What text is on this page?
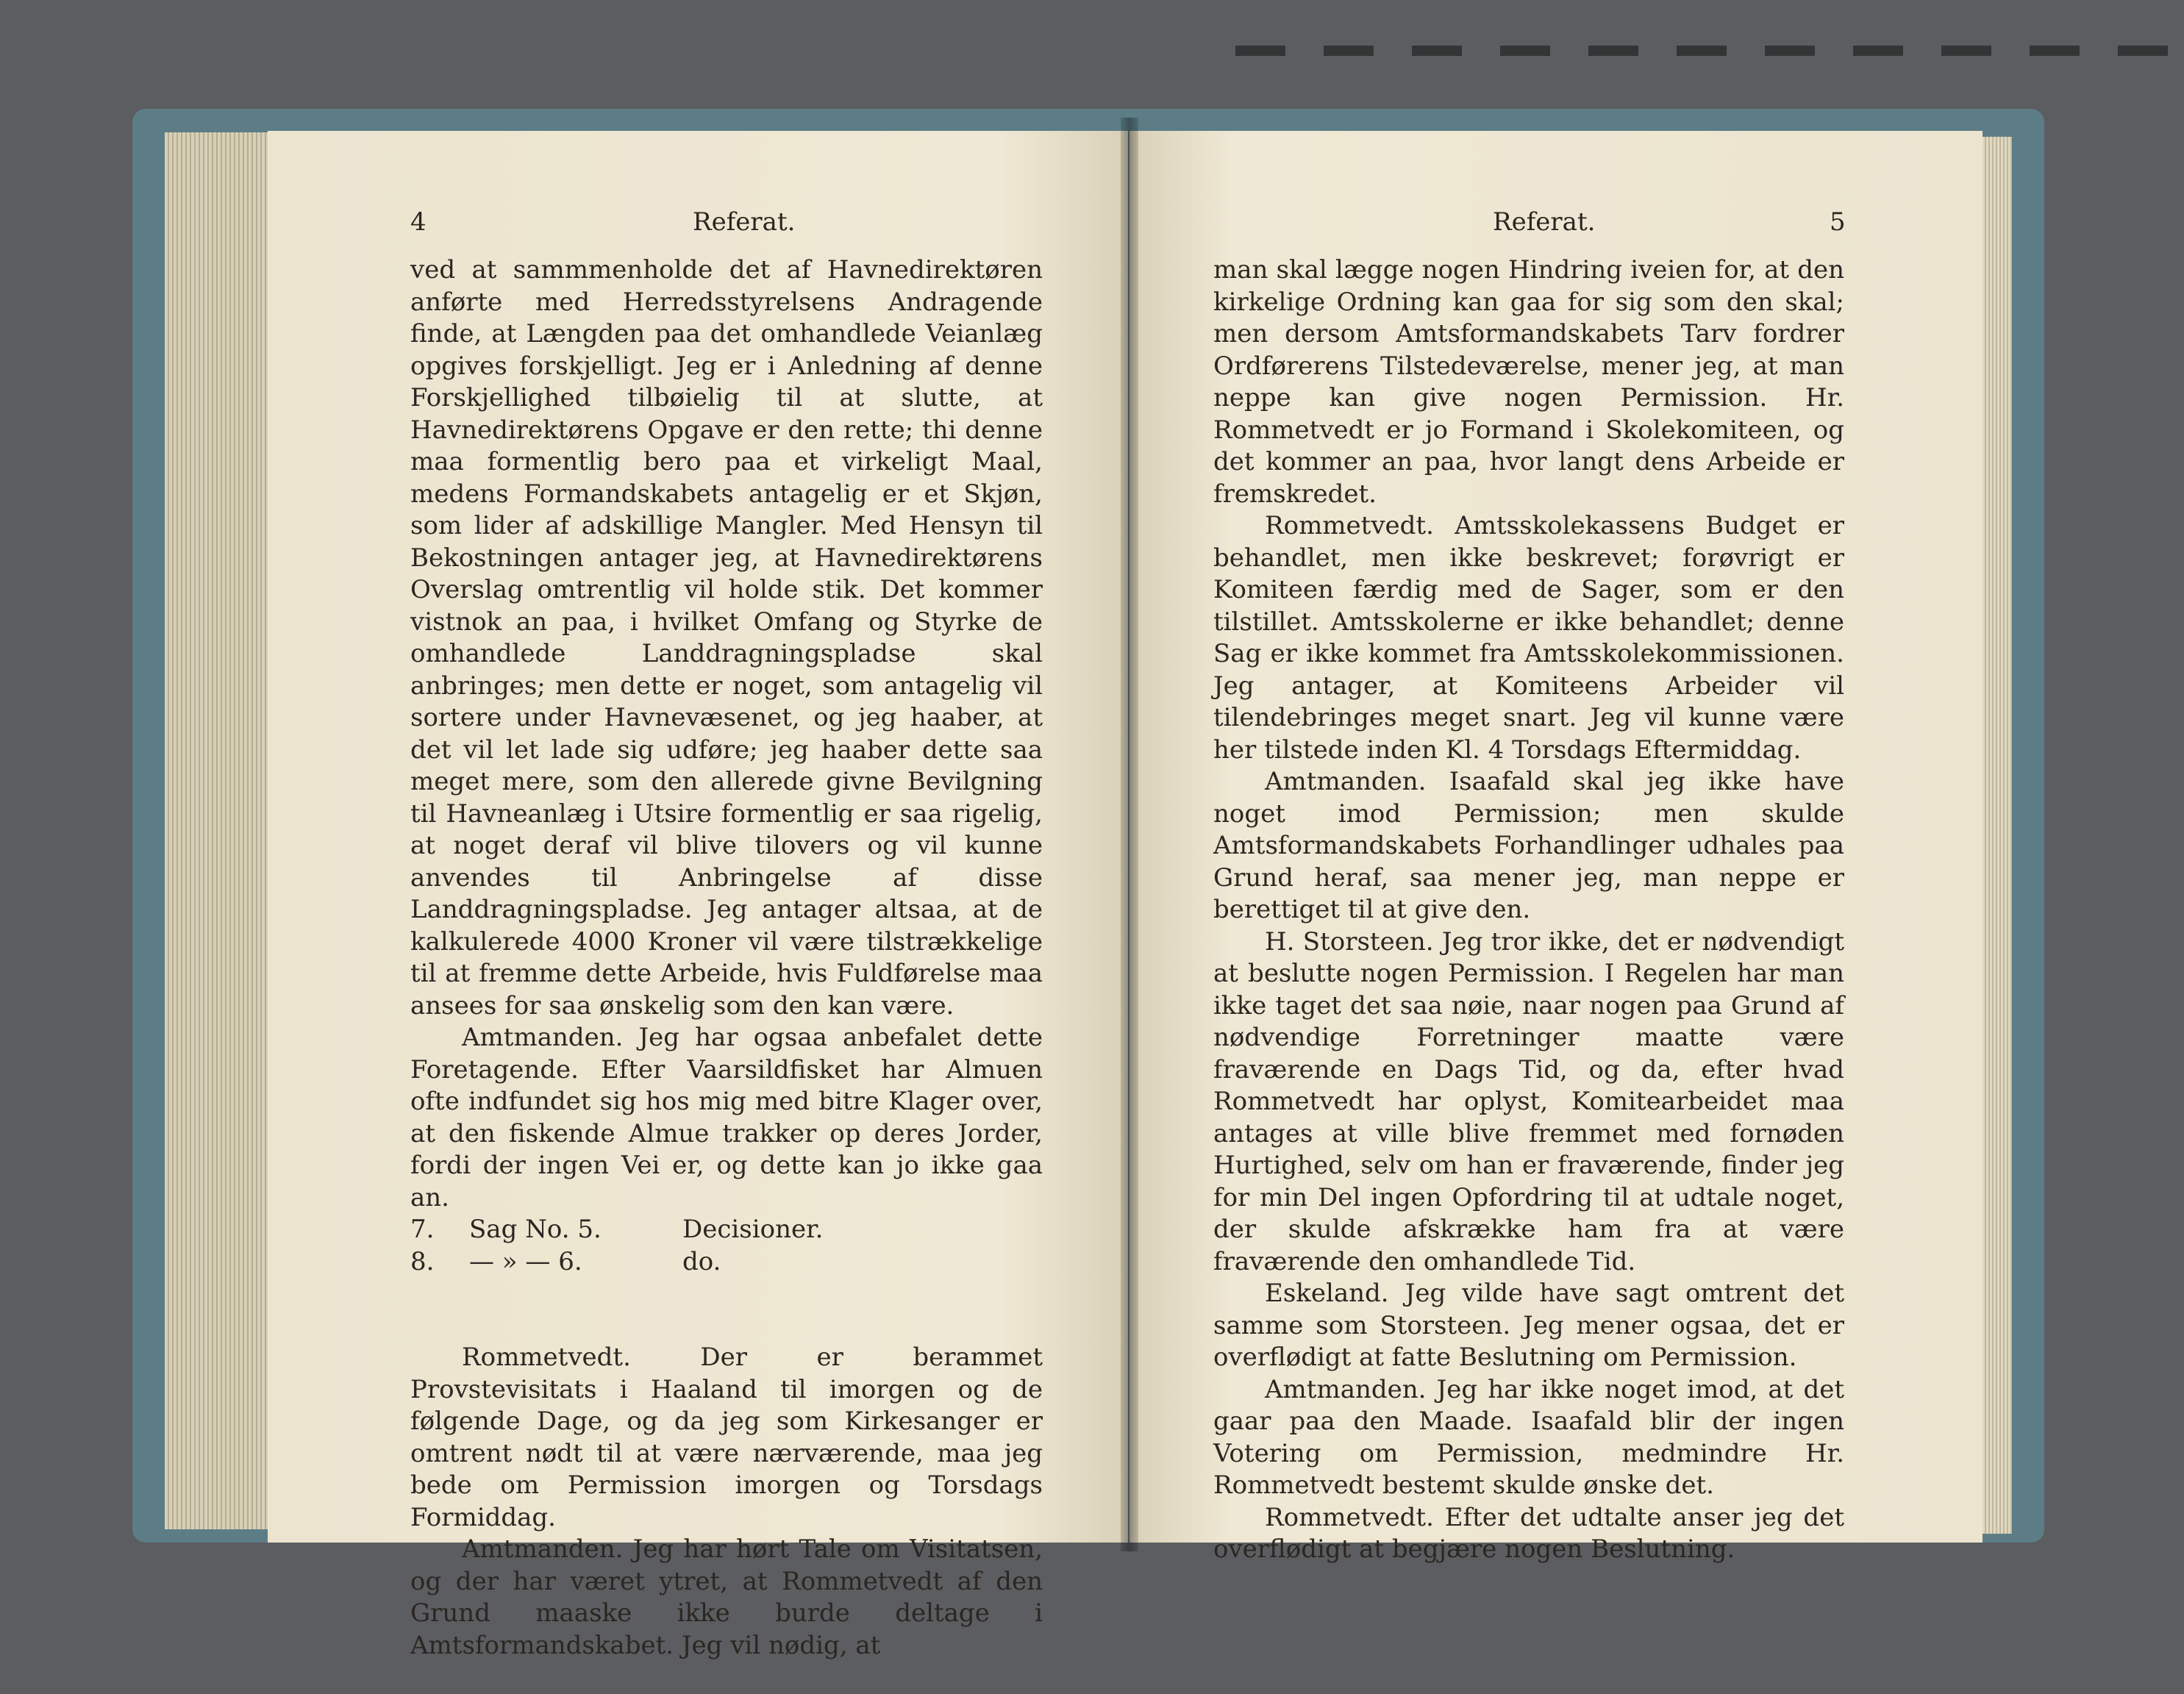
4	Referat.

ved at sammmenholde det af Havnedirektøren anførte med Herredsstyrelsens Andragende finde, at Længden paa det omhandlede Veianlæg opgives forskjelligt. Jeg er i Anledning af denne Forskjellighed tilbøielig til at slutte, at Havnedirektørens Opgave er den rette; thi denne maa formentlig bero paa et virkeligt Maal, medens Formandskabets antagelig er et Skjøn, som lider af adskillige Mangler. Med Hensyn til Bekostningen antager jeg, at Havnedirektørens Overslag omtrentlig vil holde stik. Det kommer vistnok an paa, i hvilket Omfang og Styrke de omhandlede Landdragningspladse skal anbringes; men dette er noget, som antagelig vil sortere under Havnevæsenet, og jeg haaber, at det vil let lade sig udføre; jeg haaber dette saa meget mere, som den allerede givne Bevilgning til Havneanlæg i Utsire formentlig er saa rigelig, at noget deraf vil blive tilovers og vil kunne anvendes til Anbringelse af disse Landdragningspladse. Jeg antager altsaa, at de kalkulerede 4000 Kroner vil være tilstrækkelige til at fremme dette Arbeide, hvis Fuldførelse maa ansees for saa ønskelig som den kan være.

Amtmanden. Jeg har ogsaa anbefalet dette Foretagende. Efter Vaarsildfisket har Almuen ofte indfundet sig hos mig med bitre Klager over, at den fiskende Almue trakker op deres Jorder, fordi der ingen Vei er, og dette kan jo ikke gaa an.

7.	Sag No. 5.	Decisioner.
8.	— » — 6.	do.

Rommetvedt. Der er berammet Provstevisitats i Haaland til imorgen og de følgende Dage, og da jeg som Kirkesanger er omtrent nødt til at være nærværende, maa jeg bede om Permission imorgen og Torsdags Formiddag.

Amtmanden. Jeg har hørt Tale om Visitatsen, og der har været ytret, at Rommetvedt af den Grund maaske ikke burde deltage i Amtsformandskabet. Jeg vil nødig, at

Referat.	5

man skal lægge nogen Hindring iveien for, at den kirkelige Ordning kan gaa for sig som den skal; men dersom Amtsformandskabets Tarv fordrer Ordførerens Tilstedeværelse, mener jeg, at man neppe kan give nogen Permission. Hr. Rommetvedt er jo Formand i Skolekomiteen, og det kommer an paa, hvor langt dens Arbeide er fremskredet.

Rommetvedt. Amtsskolekassens Budget er behandlet, men ikke beskrevet; forøvrigt er Komiteen færdig med de Sager, som er den tilstillet. Amtsskolerne er ikke behandlet; denne Sag er ikke kommet fra Amtsskolekommissionen. Jeg antager, at Komiteens Arbeider vil tilendebringes meget snart. Jeg vil kunne være her tilstede inden Kl. 4 Torsdags Eftermiddag.

Amtmanden. Isaafald skal jeg ikke have noget imod Permission; men skulde Amtsformandskabets Forhandlinger udhales paa Grund heraf, saa mener jeg, man neppe er berettiget til at give den.

H. Storsteen. Jeg tror ikke, det er nødvendigt at beslutte nogen Permission. I Regelen har man ikke taget det saa nøie, naar nogen paa Grund af nødvendige Forretninger maatte være fraværende en Dags Tid, og da, efter hvad Rommetvedt har oplyst, Komitearbeidet maa antages at ville blive fremmet med fornøden Hurtighed, selv om han er fraværende, finder jeg for min Del ingen Opfordring til at udtale noget, der skulde afskrække ham fra at være fraværende den omhandlede Tid.

Eskeland. Jeg vilde have sagt omtrent det samme som Storsteen. Jeg mener ogsaa, det er overflødigt at fatte Beslutning om Permission.

Amtmanden. Jeg har ikke noget imod, at det gaar paa den Maade. Isaafald blir der ingen Votering om Permission, medmindre Hr. Rommetvedt bestemt skulde ønske det.

Rommetvedt. Efter det udtalte anser jeg det overflødigt at begjære nogen Beslutning.
